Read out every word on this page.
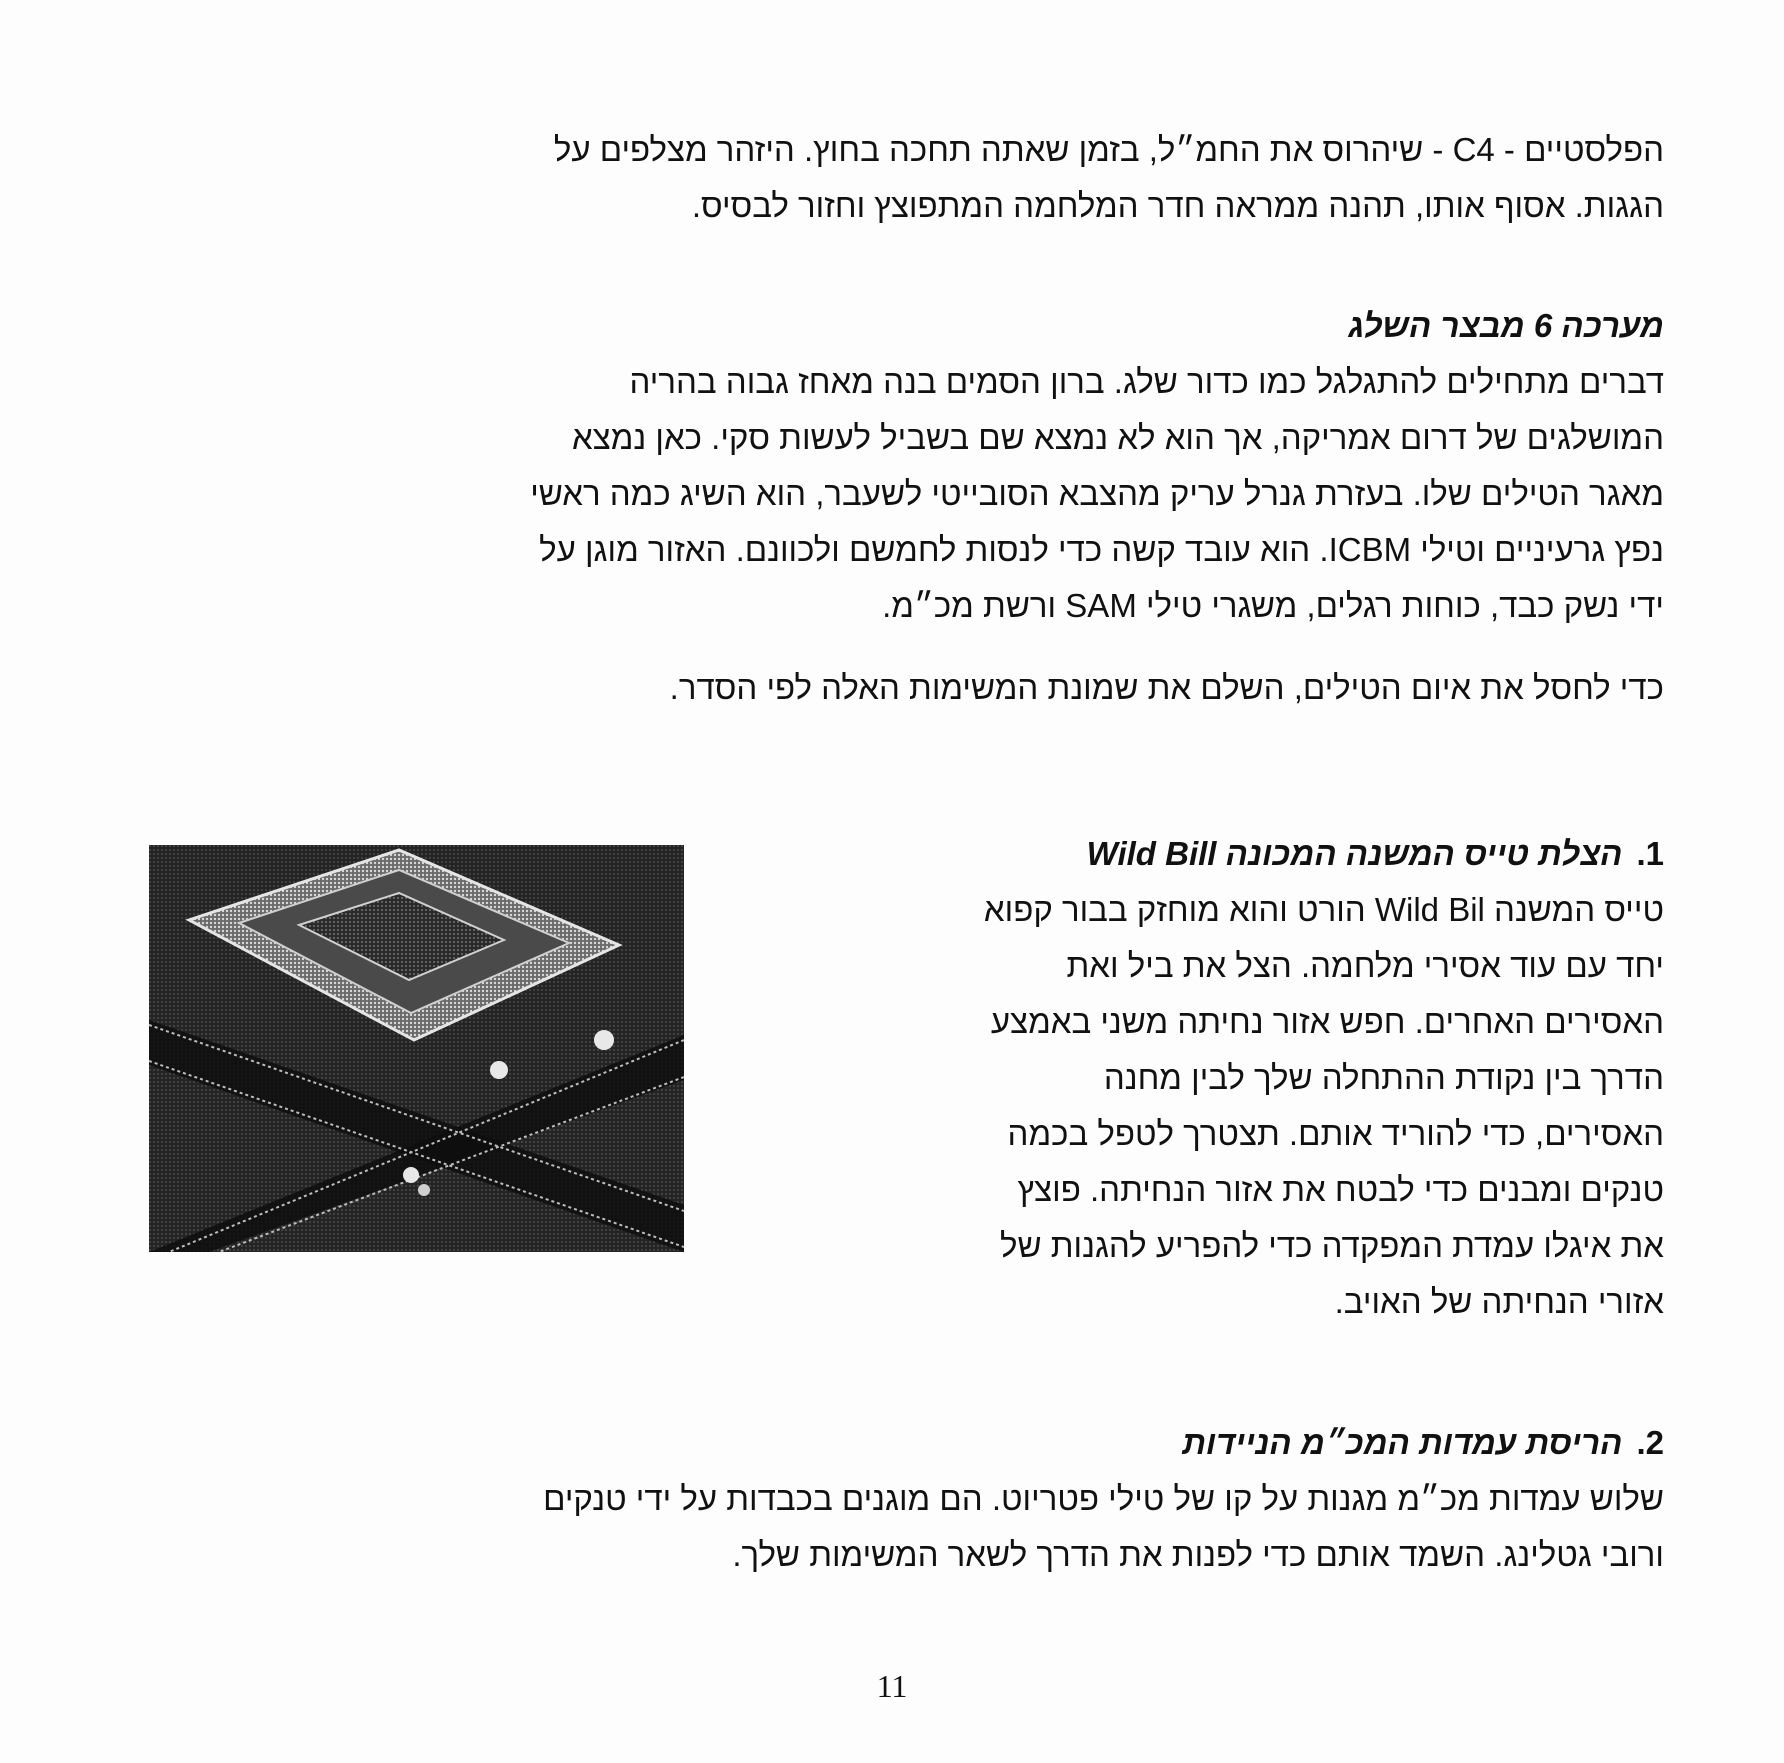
הפלסטיים - C4 - שיהרוס את החמ״ל, בזמן שאתה תחכה בחוץ. היזהר מצלפים על

הגגות. אסוף אותו, תהנה ממראה חדר המלחמה המתפוצץ וחזור לבסיס.

מערכה 6 מבצר השלג

דברים מתחילים להתגלגל כמו כדור שלג. ברון הסמים בנה מאחז גבוה בהריה

המושלגים של דרום אמריקה, אך הוא לא נמצא שם בשביל לעשות סקי. כאן נמצא

מאגר הטילים שלו. בעזרת גנרל עריק מהצבא הסובייטי לשעבר, הוא השיג כמה ראשי

נפץ גרעיניים וטילי ICBM. הוא עובד קשה כדי לנסות לחמשם ולכוונם. האזור מוגן על

ידי נשק כבד, כוחות רגלים, משגרי טילי SAM ורשת מכ״מ.

כדי לחסל את איום הטילים, השלם את שמונת המשימות האלה לפי הסדר.

1.הצלת טייס המשנה המכונה Wild Bill

טייס המשנה Wild Bil הורט והוא מוחזק בבור קפוא

יחד עם עוד אסירי מלחמה. הצל את ביל ואת

האסירים האחרים. חפש אזור נחיתה משני באמצע

הדרך בין נקודת ההתחלה שלך לבין מחנה

האסירים, כדי להוריד אותם. תצטרך לטפל בכמה

טנקים ומבנים כדי לבטח את אזור הנחיתה. פוצץ

את איגלו עמדת המפקדה כדי להפריע להגנות של

אזורי הנחיתה של האויב.

2.הריסת עמדות המכ״מ הניידות

שלוש עמדות מכ״מ מגנות על קו של טילי פטריוט. הם מוגנים בכבדות על ידי טנקים

ורובי גטלינג. השמד אותם כדי לפנות את הדרך לשאר המשימות שלך.

11
